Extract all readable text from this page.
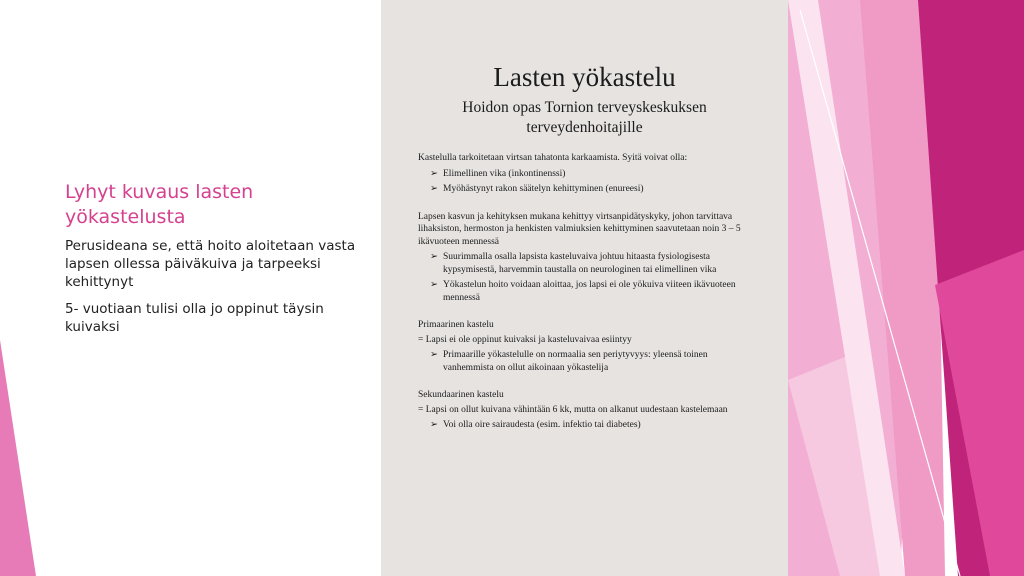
Lyhyt kuvaus lasten yökastelusta

Perusideana se, että hoito aloitetaan vasta lapsen ollessa päiväkuiva ja tarpeeksi kehittynyt

5- vuotiaan tulisi olla jo oppinut täysin kuivaksi

Lasten yökastelu
Hoidon opas Tornion terveyskeskuksen terveydenhoitajille
Kastelulla tarkoitetaan virtsan tahatonta karkaamista. Syitä voivat olla:
➢ Elimellinen vika (inkontinenssi)
➢ Myöhästynyt rakon säätelyn kehittyminen (enureesi)
Lapsen kasvun ja kehityksen mukana kehittyy virtsanpidätyskyky, johon tarvittava lihaksiston, hermoston ja henkisten valmiuksien kehittyminen saavutetaan noin 3 – 5 ikävuoteen mennessä
➢ Suurimmalla osalla lapsista kasteluvaiva johtuu hitaasta fysiologisesta kypsymisestä, harvemmin taustalla on neurologinen tai elimellinen vika
➢ Yökastelun hoito voidaan aloittaa, jos lapsi ei ole yökuiva viiteen ikävuoteen mennessä
Primaarinen kastelu
= Lapsi ei ole oppinut kuivaksi ja kasteluvaivaa esiintyy
➢ Primaarille yökastelulle on normaalia sen periytyvyys: yleensä toinen vanhemmista on ollut aikoinaan yökastelija
Sekundaarinen kastelu
= Lapsi on ollut kuivana vähintään 6 kk, mutta on alkanut uudestaan kastelemaan
➢ Voi olla oire sairaudesta (esim. infektio tai diabetes)
